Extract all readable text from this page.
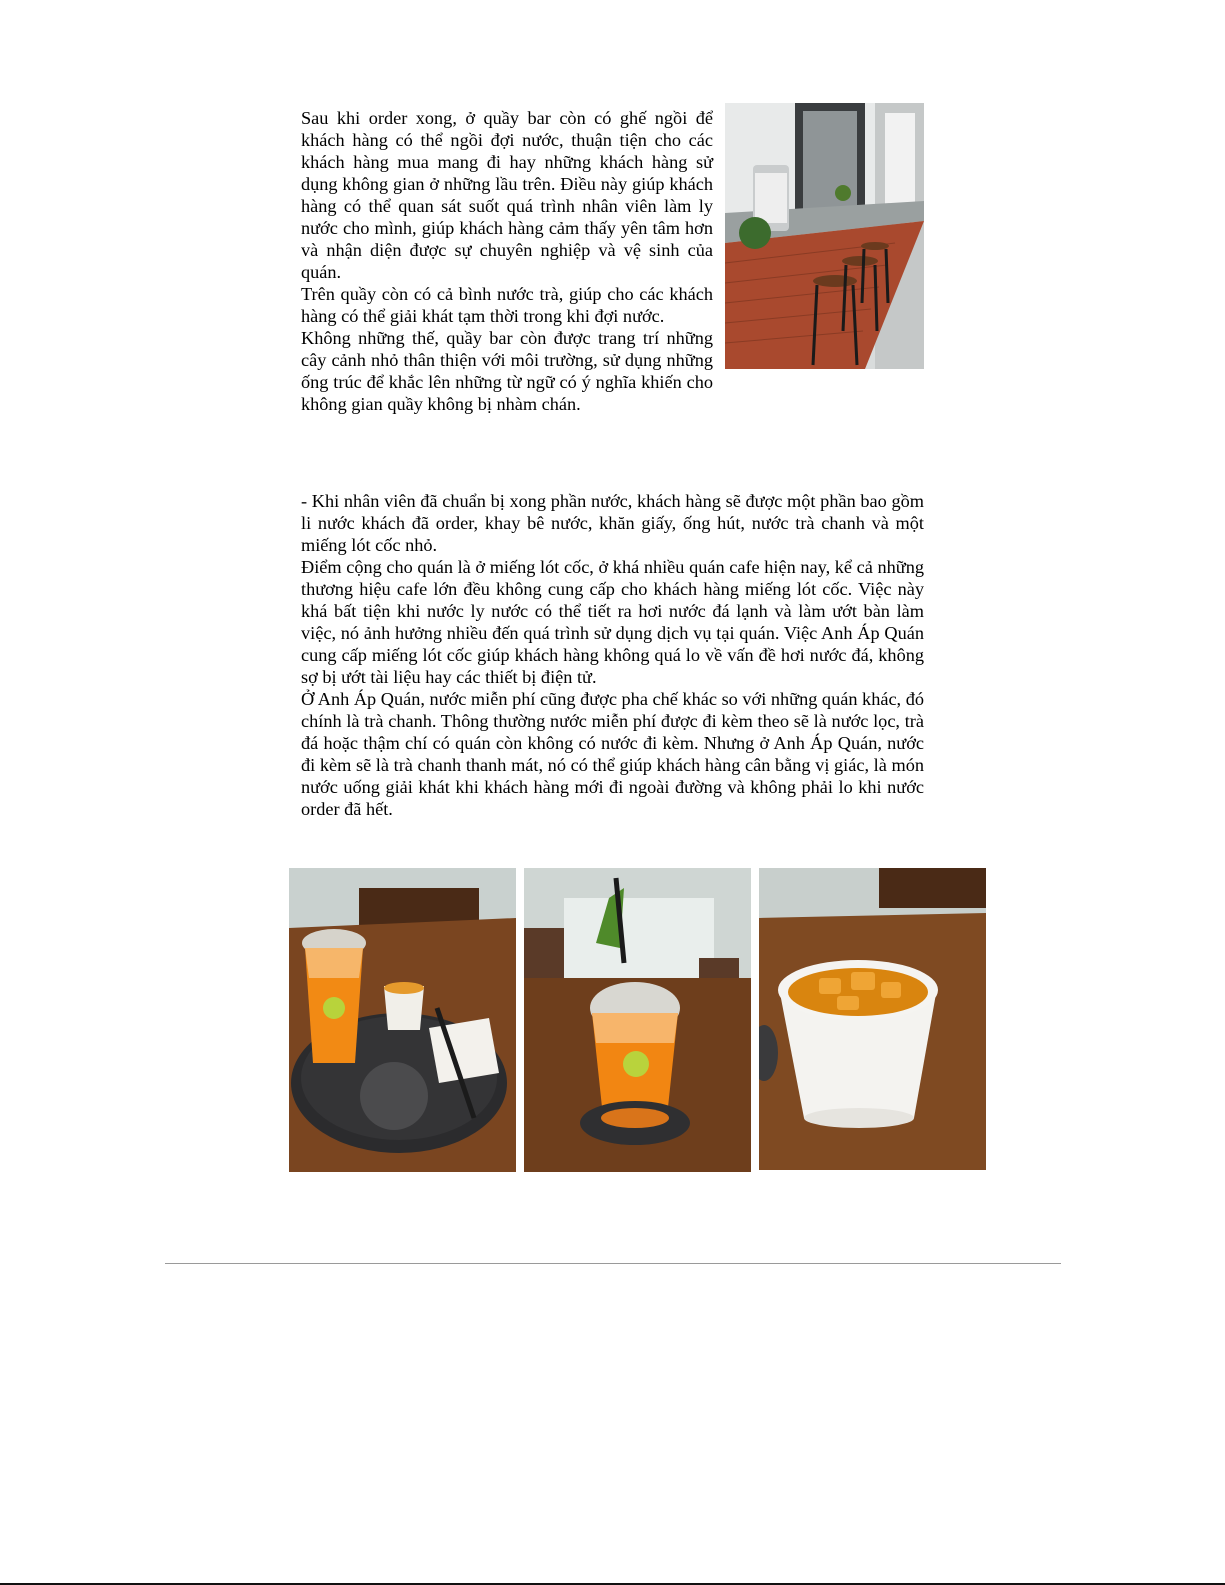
Sau khi order xong, ở quầy bar còn có ghế ngồi để khách hàng có thể ngồi đợi nước, thuận tiện cho các khách hàng mua mang đi hay những khách hàng sử dụng không gian ở những lầu trên. Điều này giúp khách hàng có thể quan sát suốt quá trình nhân viên làm ly nước cho mình, giúp khách hàng cảm thấy yên tâm hơn và nhận diện được sự chuyên nghiệp và vệ sinh của quán.

Trên quầy còn có cả bình nước trà, giúp cho các khách hàng có thể giải khát tạm thời trong khi đợi nước.

Không những thế, quầy bar còn được trang trí những cây cảnh nhỏ thân thiện với môi trường, sử dụng những ống trúc để khắc lên những từ ngữ có ý nghĩa khiến cho không gian quầy không bị nhàm chán.

- Khi nhân viên đã chuẩn bị xong phần nước, khách hàng sẽ được một phần bao gồm li nước khách đã order, khay bê nước, khăn giấy, ống hút, nước trà chanh và một miếng lót cốc nhỏ.

Điểm cộng cho quán là ở miếng lót cốc, ở khá nhiều quán cafe hiện nay, kể cả những thương hiệu cafe lớn đều không cung cấp cho khách hàng miếng lót cốc. Việc này khá bất tiện khi nước ly nước có thể tiết ra hơi nước đá lạnh và làm ướt bàn làm việc, nó ảnh hưởng nhiều đến quá trình sử dụng dịch vụ tại quán. Việc Anh Áp Quán cung cấp miếng lót cốc giúp khách hàng không quá lo về vấn đề hơi nước đá, không sợ bị ướt tài liệu hay các thiết bị điện tử.

Ở Anh Áp Quán, nước miễn phí cũng được pha chế khác so với những quán khác, đó chính là trà chanh. Thông thường nước miễn phí được đi kèm theo sẽ là nước lọc, trà đá hoặc thậm chí có quán còn không có nước đi kèm. Nhưng ở Anh Áp Quán, nước đi kèm sẽ là trà chanh thanh mát, nó có thể giúp khách hàng cân bằng vị giác, là món nước uống giải khát khi khách hàng mới đi ngoài đường và không phải lo khi nước order đã hết.
